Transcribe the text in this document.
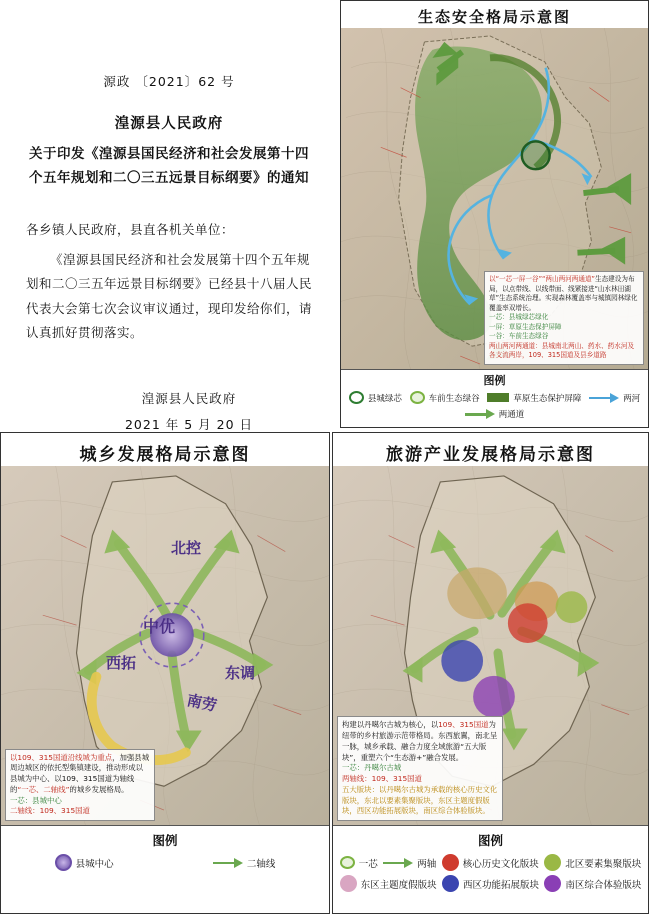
源政 〔2021〕62 号
湟源县人民政府
关于印发《湟源县国民经济和社会发展第十四个五年规划和二〇三五远景目标纲要》的通知
各乡镇人民政府，县直各机关单位：
《湟源县国民经济和社会发展第十四个五年规划和二〇三五年远景目标纲要》已经县十八届人民代表大会第七次会议审议通过，现印发给你们，请认真抓好贯彻落实。
湟源县人民政府
2021 年 5 月 20 日
生态安全格局示意图
以“一芯一屏一谷”“两山两河两通道”生态建设为布局，以点带线、以线带面、线紧接进“山水林田湖草”生态系统治理。实现森林覆盖率与城镇园林绿化覆盖率双增长。
一芯：县城绿芯绿化
一屏：草原生态保护屏障
一谷：车前生态绿谷
两山两河两通道：县城南北两山、药水、药水河及各支流两岸，109、315国道及县乡道路
图例
县城绿芯	车前生态绿谷	草原生态保护屏障	两河
两通道
城乡发展格局示意图
北控
中优
西拓
东调
南劳
以109、315国道沿线城为重点，加强县城周边城区的依托型集镇建设，推动形成以县城为中心、以109、315国道为轴线的“一芯、二轴线”的城乡发展格局。
一芯：县城中心
二轴线：109、315国道
图例
县城中心	二轴线
旅游产业发展格局示意图
构建以丹噶尔古城为核心，以109、315国道为纽带的乡村旅游示范带格局。东西旅翼，南北呈一脉，城乡承载、融合力度全域旅游“五大版块”，重塑六个“生态游+”融合发展。
一芯：丹噶尔古城
两轴线：109、315国道
五大版块：以丹噶尔古城为承载的核心历史文化版块，东北以要素集聚版块，东区主题度假版块，西区功能拓展版块，南区综合体验版块。
图例
一芯	两轴	核心历史文化版块	北区要素集聚版块
东区主题度假版块	西区功能拓展版块	南区综合体验版块
